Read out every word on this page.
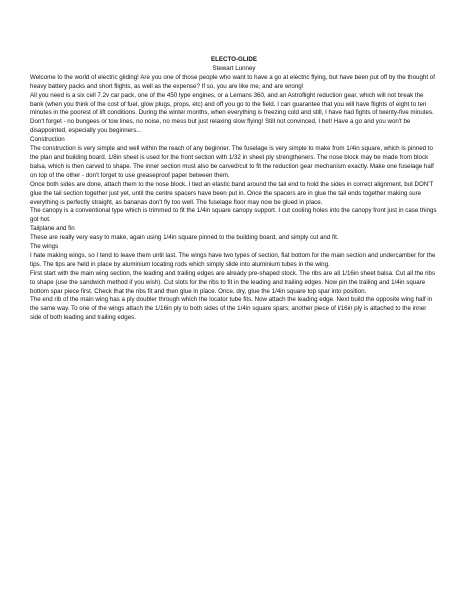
ELECTO-GLIDE
Stewart Lunney

Welcome to the world of electric gliding! Are you one of those people who want to have a go at electric flying, but have been put off by the thought of heavy battery packs and short flights, as well as the expense? If so, you are like me, and are wrong!

All you need is a six cell 7.2v car pack, one of the 450 type engines, or a Lemans 360, and an Astroflight reduction gear, which will not break the bank (when you think of the cost of fuel, glow plugs, props, etc) and off you go to the field. I can guarantee that you will have flights of eight to ten minutes in the poorest of lift conditions. During the winter months, when everything is freezing cold and still, I have had fights of twenty-five minutes. Don't forget - no bungees or tow lines, no noise, no mess but just relaxing slow flying! Still not convinced, I bet! Have a go and you won't be disappointed, especially you beginners...

Construction

The construction is very simple and well within the reach of any beginner. The fuselage is very simple to make from 1/4in square, which is pinned to the plan and building board. 1/8in sheet is used for the front section with 1/32 in sheet ply strengtheners. The nose block may be made from block balsa, which is then carved to shape. The inner section must also be carved/cut to fit the reduction gear mechanism exactly. Make one fuselage half on top of the other - don't forget to use greaseproof paper between them.

Once both sides are done, attach them to the nose block. I tied an elastic band around the tail end to hold the sides in correct alignment, but DON'T glue the tail section together just yet, until the centre spacers have been put in. Once the spacers are in glue the tail ends together making sure everything is perfectly straight, as bananas don't fly too well. The fuselage floor may now be glued in place.

The canopy is a conventional type which is trimmed to fit the 1/4in square canopy support. I cut cooling holes into the canopy front just in case things got hot.

Tailplane and fin

These are really very easy to make, again using 1/4in square pinned to the building board, and simply cut and fit.

The wings

I hate making wings, so I tend to leave them until last. The wings have two types of section, flat bottom for the main section and undercamber for the tips. The tips are held in place by aluminium locating rods which simply slide into aluminium tubes in the wing.

First start with the main wing section, the leading and trailing edges are already pre-shaped stock. The ribs are all 1/16in sheet balsa. Cut all the ribs to shape (use the sandwich method if you wish). Cut slots for the ribs to fit in the leading and trailing edges. Now pin the trailing and 1/4in square bottom spar piece first. Check that the ribs fit and then glue in place. Once, dry, glue the 1/4in square top spar into position.

The end rib of the main wing has a ply doubler through which the locator tube fits. Now attach the leading edge. Next build the opposite wing half in the same way. To one of the wings attach the 1/16in ply to both sides of the 1/4in square spars; another piece of l/16in ply is attached to the inner side of both leading and trailing edges.
